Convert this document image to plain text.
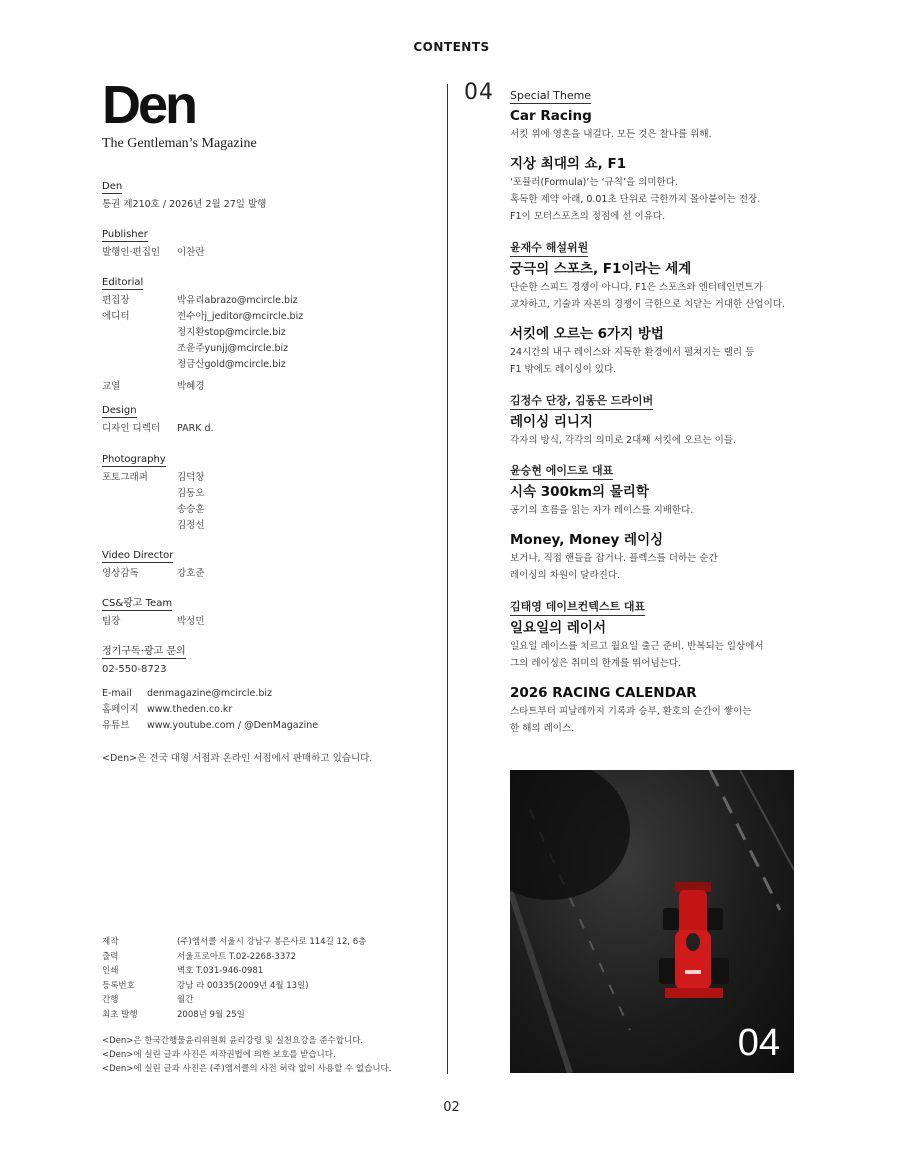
CONTENTS
Den
The Gentleman’s Magazine
Den
통권 제210호 / 2026년 2월 27일 발행
Publisher
발행인·편집인	이찬란
Editorial
편집장	박유리abrazo@mcircle.biz
에디터	전수아j_jeditor@mcircle.biz
정지환stop@mcircle.biz
조윤주yunjj@mcircle.biz
정금산gold@mcircle.biz
교열	박혜경
Design
디자인 디렉터	PARK d.
Photography
포토그래퍼	김덕창
김동오
송승훈
김정선
Video Director
영상감독	강호준
CS&광고 Team
팀장	박성민
정기구독·광고 문의
02-550-8723
E-mail	denmagazine@mcircle.biz
홈페이지 www.theden.co.kr
유튜브	www.youtube.com / @DenMagazine
<Den>은 전국 대형 서점과 온라인 서점에서 판매하고 있습니다.
제작	(주)엠서클 서울시 강남구 봉은사로 114길 12, 6층
출력	서울프로아트 T.02-2268-3372
인쇄	벽호 T.031-946-0981
등록번호	강남 라 00335(2009년 4월 13일)
간행	월간
최초 발행	2008년 9월 25일
<Den>은 한국간행물윤리위원회 윤리강령 및 실천요강을 준수합니다.
<Den>에 실린 글과 사진은 저작권법에 의한 보호를 받습니다.
<Den>에 실린 글과 사진은 (주)엠서클의 사전 허락 없이 사용할 수 없습니다.
04 Special Theme
Car Racing
서킷 위에 영혼을 내걸다. 모든 것은 찰나를 위해.
지상 최대의 쇼, F1
‘포뮬러(Formula)’는 ‘규칙’을 의미한다.
혹독한 제약 아래, 0.01초 단위로 극한까지 몰아붙이는 전장.
F1이 모터스포츠의 정점에 선 이유다.
윤재수 해설위원
궁극의 스포츠, F1이라는 세계
단순한 스피드 경쟁이 아니다. F1은 스포츠와 엔터테인먼트가
교차하고, 기술과 자본의 경쟁이 극한으로 치닫는 거대한 산업이다.
서킷에 오르는 6가지 방법
24시간의 내구 레이스와 지독한 환경에서 펼쳐지는 랠리 등
F1 밖에도 레이싱이 있다.
김정수 단장, 김동은 드라이버
레이싱 리니지
각자의 방식, 각각의 의미로 2대째 서킷에 오르는 이들.
윤승현 에이드로 대표
시속 300km의 물리학
공기의 흐름을 읽는 자가 레이스를 지배한다.
Money, Money 레이싱
보거나, 직접 핸들을 잡거나. 플렉스를 더하는 순간
레이싱의 차원이 달라진다.
김태영 데이브컨텍스트 대표
일요일의 레이서
일요일 레이스를 치르고 월요일 출근 준비. 반복되는 일상에서
그의 레이싱은 취미의 한계를 뛰어넘는다.
2026 RACING CALENDAR
스타트부터 피날레까지 기록과 승부, 환호의 순간이 쌓이는
한 해의 레이스.
04
02
